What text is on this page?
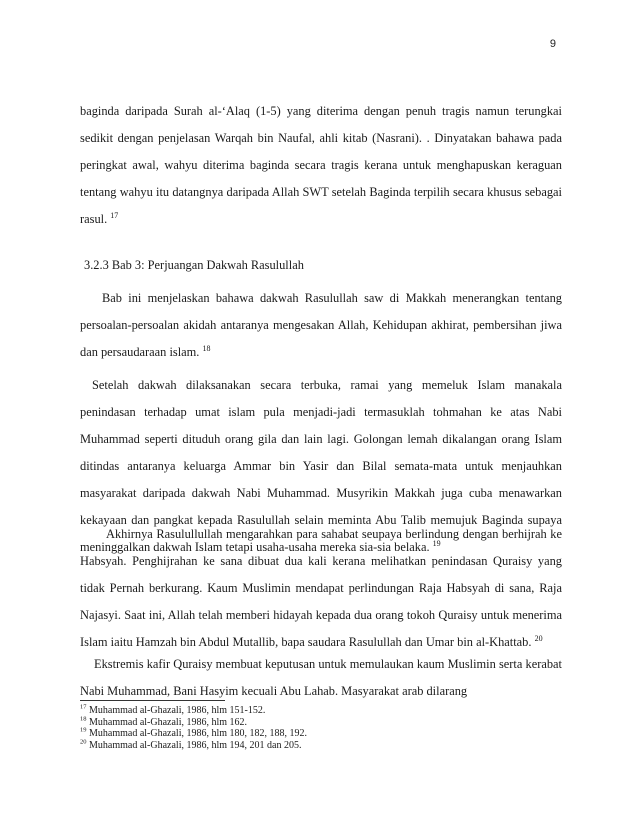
9

baginda daripada Surah al-‘Alaq (1-5) yang diterima dengan penuh tragis namun terungkai sedikit dengan penjelasan Warqah bin Naufal, ahli kitab (Nasrani). . Dinyatakan bahawa pada peringkat awal, wahyu diterima baginda secara tragis kerana untuk menghapuskan keraguan tentang wahyu itu datangnya daripada Allah SWT setelah Baginda terpilih secara khusus sebagai rasul. $^{17}$

3.2.3 Bab 3: Perjuangan Dakwah Rasulullah

Bab ini menjelaskan bahawa dakwah Rasulullah saw di Makkah menerangkan tentang persoalan-persoalan akidah antaranya mengesakan Allah, Kehidupan akhirat, pembersihan jiwa dan persaudaraan islam. $^{18}$

Setelah dakwah dilaksanakan secara terbuka, ramai yang memeluk Islam manakala penindasan terhadap umat islam pula menjadi-jadi termasuklah tohmahan ke atas Nabi Muhammad seperti dituduh orang gila dan lain lagi. Golongan lemah dikalangan orang Islam ditindas antaranya keluarga Ammar bin Yasir dan Bilal semata-mata untuk menjauhkan masyarakat daripada dakwah Nabi Muhammad. Musyrikin Makkah juga cuba menawarkan kekayaan dan pangkat kepada Rasulullah selain meminta Abu Talib memujuk Baginda supaya meninggalkan dakwah Islam tetapi usaha-usaha mereka sia-sia belaka. $^{19}$

Akhirnya Rasulullullah mengarahkan para sahabat seupaya berlindung dengan berhijrah ke Habsyah. Penghijrahan ke sana dibuat dua kali kerana melihatkan penindasan Quraisy yang tidak Pernah berkurang. Kaum Muslimin mendapat perlindungan Raja Habsyah di sana, Raja Najasyi. Saat ini, Allah telah memberi hidayah kepada dua orang tokoh Quraisy untuk menerima Islam iaitu Hamzah bin Abdul Mutallib, bapa saudara Rasulullah dan Umar bin al-Khattab. $^{20}$

Ekstremis kafir Quraisy membuat keputusan untuk memulaukan kaum Muslimin serta kerabat Nabi Muhammad, Bani Hasyim kecuali Abu Lahab. Masyarakat arab dilarang

$^{17}$ Muhammad al-Ghazali, 1986, hlm 151-152.
$^{18}$ Muhammad al-Ghazali, 1986, hlm 162.
$^{19}$ Muhammad al-Ghazali, 1986, hlm 180, 182, 188, 192.
$^{20}$ Muhammad al-Ghazali, 1986, hlm 194, 201 dan 205.
